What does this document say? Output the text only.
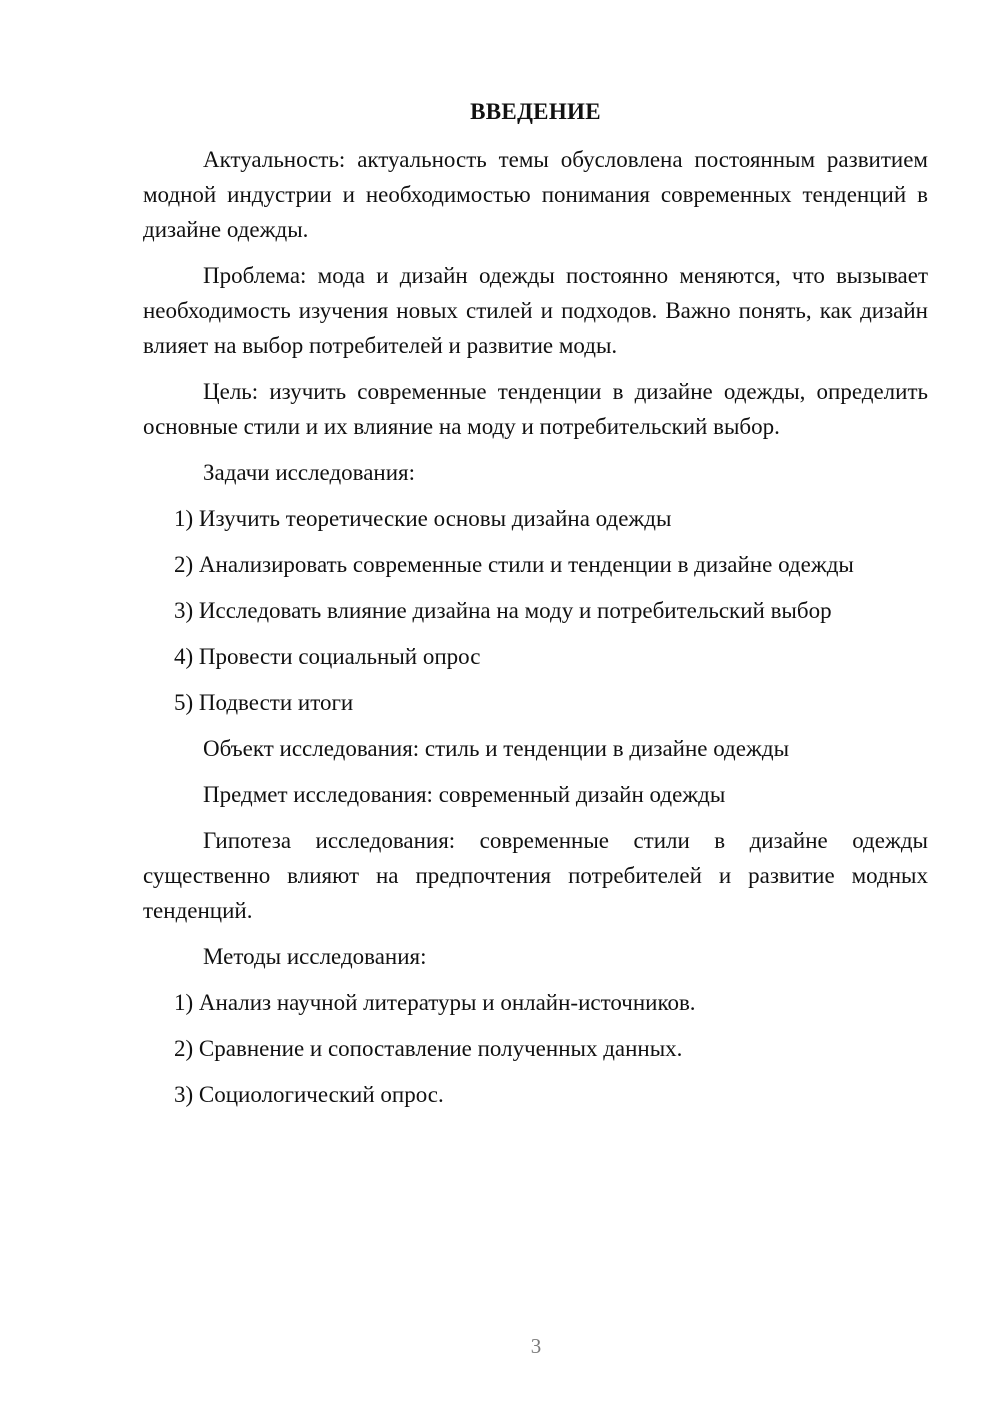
ВВЕДЕНИЕ
Актуальность: актуальность темы обусловлена постоянным развитием модной индустрии и необходимостью понимания современных тенденций в дизайне одежды.
Проблема: мода и дизайн одежды постоянно меняются, что вызывает необходимость изучения новых стилей и подходов. Важно понять, как дизайн влияет на выбор потребителей и развитие моды.
Цель: изучить современные тенденции в дизайне одежды, определить основные стили и их влияние на моду и потребительский выбор.
Задачи исследования:
1) Изучить теоретические основы дизайна одежды
2) Анализировать современные стили и тенденции в дизайне одежды
3) Исследовать влияние дизайна на моду и потребительский выбор
4) Провести социальный опрос
5) Подвести итоги
Объект исследования: стиль и тенденции в дизайне одежды
Предмет исследования: современный дизайн одежды
Гипотеза исследования: современные стили в дизайне одежды существенно влияют на предпочтения потребителей и развитие модных тенденций.
Методы исследования:
1) Анализ научной литературы и онлайн-источников.
2) Сравнение и сопоставление полученных данных.
3) Социологический опрос.
3
